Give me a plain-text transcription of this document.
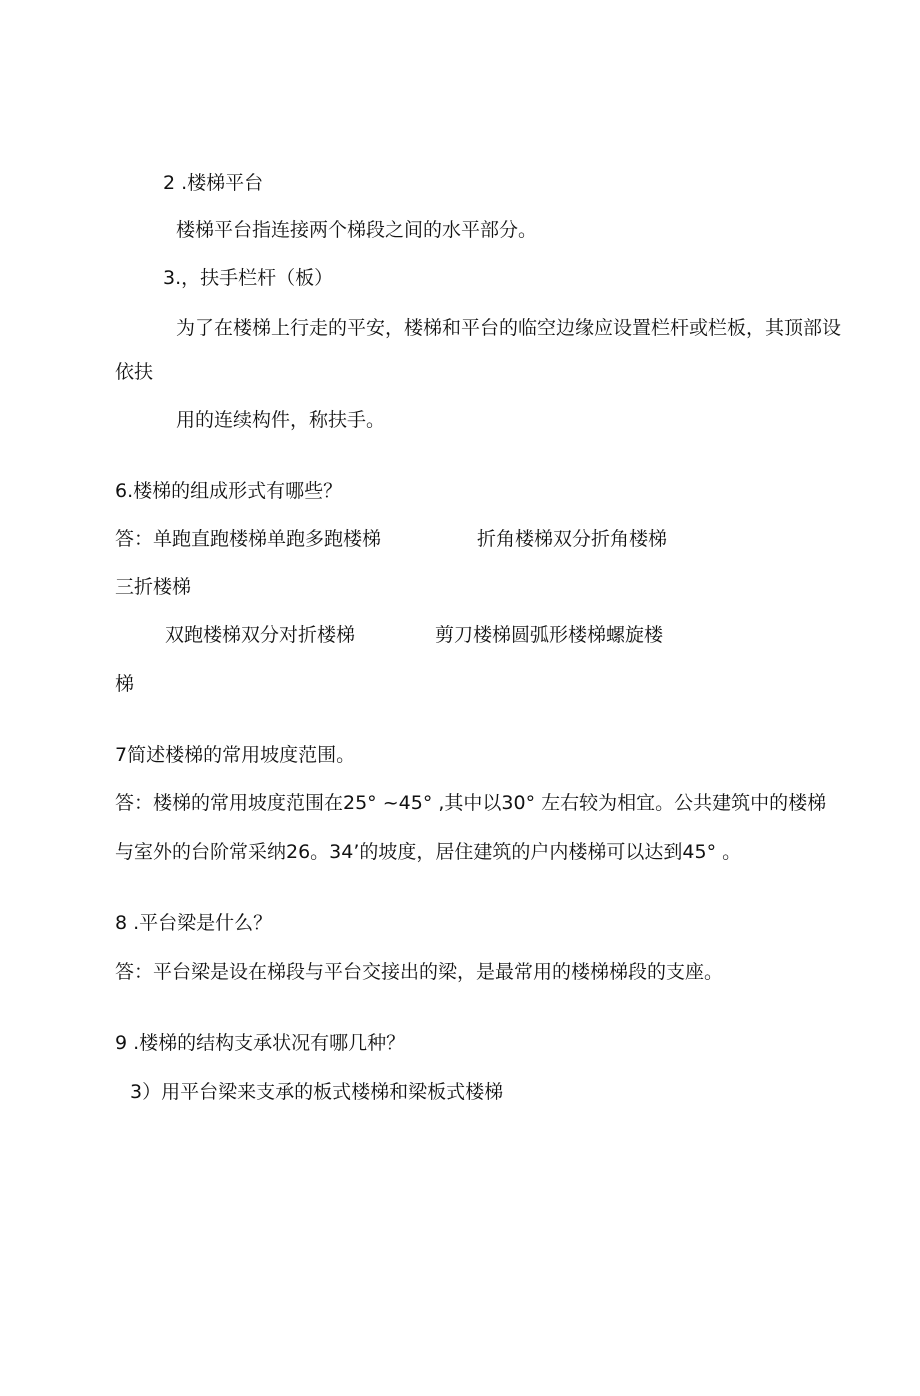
2 .楼梯平台
楼梯平台指连接两个梯段之间的水平部分。
3.，扶手栏杆（板）
为了在楼梯上行走的平安，楼梯和平台的临空边缘应设置栏杆或栏板，其顶部设
依扶
用的连续构件，称扶手。
6.楼梯的组成形式有哪些？
答：单跑直跑楼梯单跑多跑楼梯	折角楼梯双分折角楼梯
三折楼梯
双跑楼梯双分对折楼梯	剪刀楼梯圆弧形楼梯螺旋楼
梯
7简述楼梯的常用坡度范围。
答：楼梯的常用坡度范围在25° ~45° ,其中以30° 左右较为相宜。公共建筑中的楼梯
与室外的台阶常采纳26。34’的坡度，居住建筑的户内楼梯可以达到45° 。
8 .平台梁是什么？
答：平台梁是设在梯段与平台交接出的梁，是最常用的楼梯梯段的支座。
9 .楼梯的结构支承状况有哪几种？
3）用平台梁来支承的板式楼梯和梁板式楼梯
